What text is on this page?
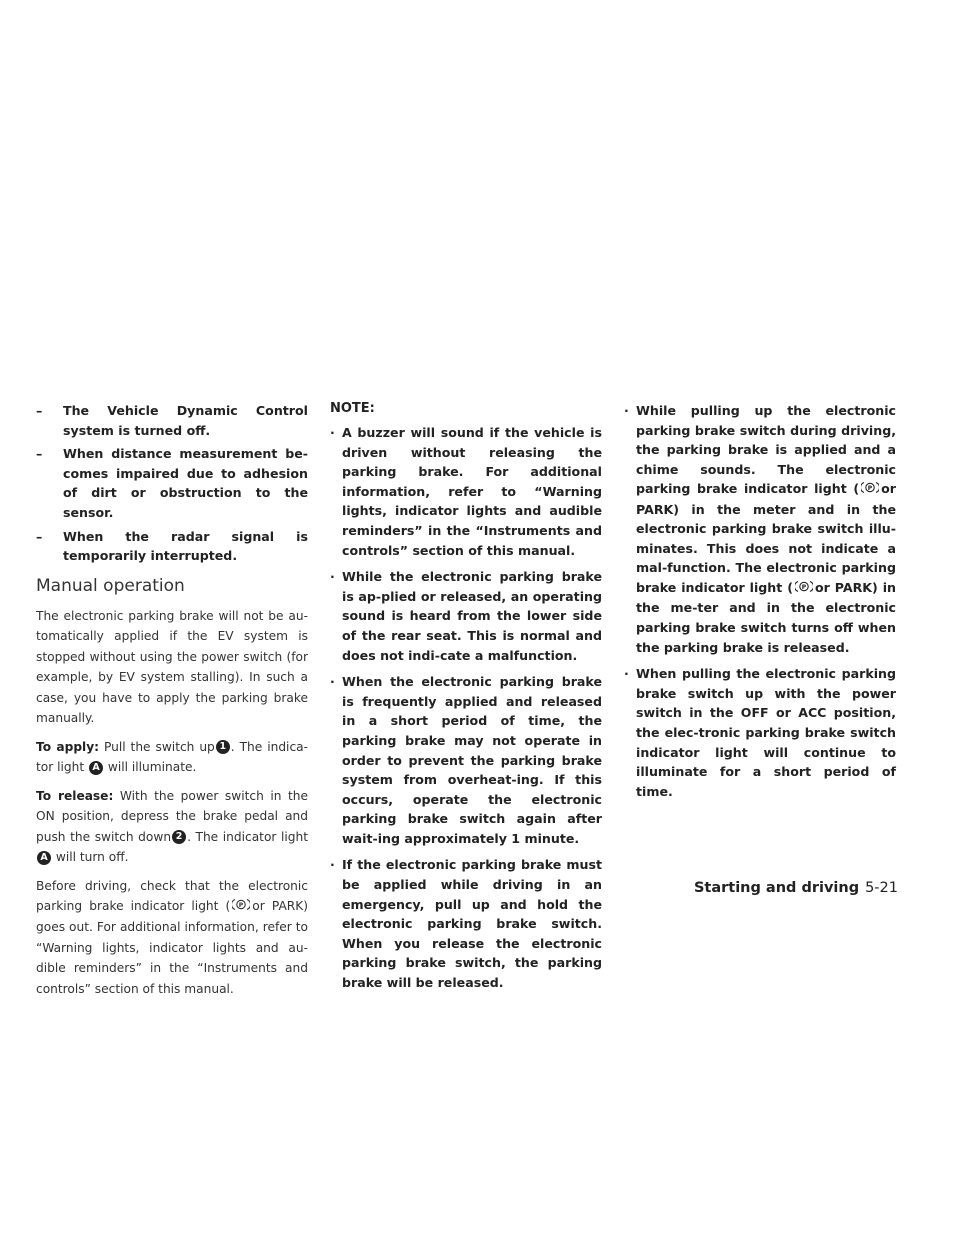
– The Vehicle Dynamic Control system is turned off.
– When distance measurement be-comes impaired due to adhesion of dirt or obstruction to the sensor.
– When the radar signal is temporarily interrupted.
Manual operation

The electronic parking brake will not be au-tomatically applied if the EV system is stopped without using the power switch (for example, by EV system stalling). In such a case, you have to apply the parking brake manually.

To apply: Pull the switch up 1 . The indica-tor light A will illuminate.

To release: With the power switch in the ON position, depress the brake pedal and push the switch down 2 . The indicator light A will turn off.

Before driving, check that the electronic parking brake indicator light ( P or PARK) goes out. For additional information, refer to “Warning lights, indicator lights and au-dible reminders” in the “Instruments and controls” section of this manual.

NOTE:
· A buzzer will sound if the vehicle is driven without releasing the parking brake. For additional information, refer to “Warning lights, indicator lights and audible reminders” in the “Instruments and controls” section of this manual.
· While the electronic parking brake is ap-plied or released, an operating sound is heard from the lower side of the rear seat. This is normal and does not indi-cate a malfunction.
· When the electronic parking brake is frequently applied and released in a short period of time, the parking brake may not operate in order to prevent the parking brake system from overheat-ing. If this occurs, operate the electronic parking brake switch again after wait-ing approximately 1 minute.
· If the electronic parking brake must be applied while driving in an emergency, pull up and hold the electronic parking brake switch. When you release the electronic parking brake switch, the parking brake will be released.
· While pulling up the electronic parking brake switch during driving, the parking brake is applied and a chime sounds. The electronic parking brake indicator light ( P or PARK) in the meter and in the electronic parking brake switch illu-minates. This does not indicate a mal-function. The electronic parking brake indicator light ( P or PARK) in the me-ter and in the electronic parking brake switch turns off when the parking brake is released.
· When pulling the electronic parking brake switch up with the power switch in the OFF or ACC position, the elec-tronic parking brake switch indicator light will continue to illuminate for a short period of time.
Starting and driving 5-21
